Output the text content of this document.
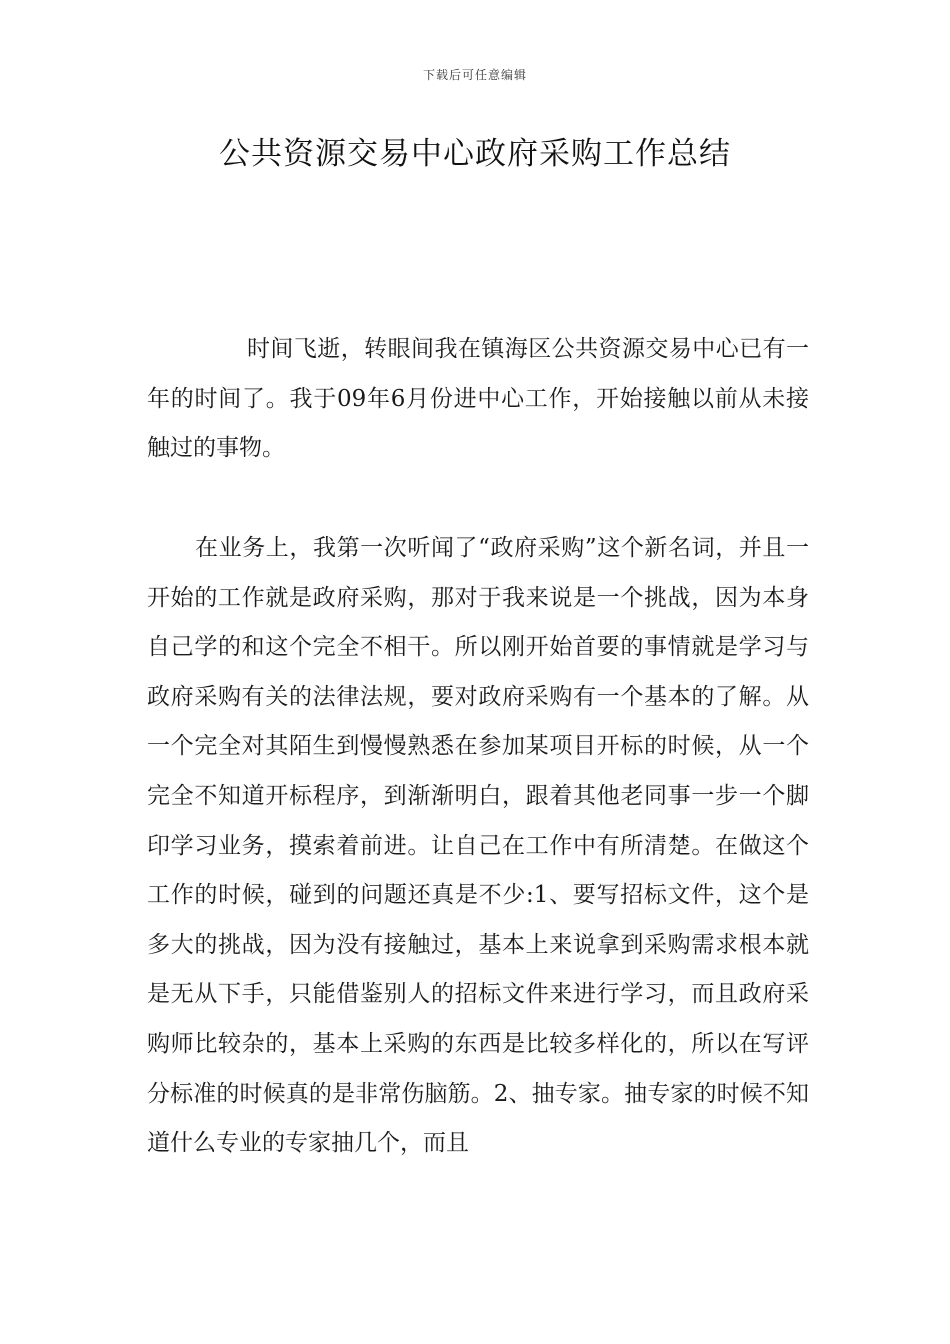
下载后可任意编辑
公共资源交易中心政府采购工作总结

时间飞逝，转眼间我在镇海区公共资源交易中心已有一年的时间了。我于09年6月份进中心工作，开始接触以前从未接触过的事物。

在业务上，我第一次听闻了“政府采购”这个新名词，并且一开始的工作就是政府采购，那对于我来说是一个挑战，因为本身自己学的和这个完全不相干。所以刚开始首要的事情就是学习与政府采购有关的法律法规，要对政府采购有一个基本的了解。从一个完全对其陌生到慢慢熟悉在参加某项目开标的时候，从一个完全不知道开标程序，到渐渐明白，跟着其他老同事一步一个脚印学习业务，摸索着前进。让自己在工作中有所清楚。在做这个工作的时候，碰到的问题还真是不少:1、要写招标文件，这个是多大的挑战，因为没有接触过，基本上来说拿到采购需求根本就是无从下手，只能借鉴别人的招标文件来进行学习，而且政府采购师比较杂的，基本上采购的东西是比较多样化的，所以在写评分标准的时候真的是非常伤脑筋。2、抽专家。抽专家的时候不知道什么专业的专家抽几个，而且
